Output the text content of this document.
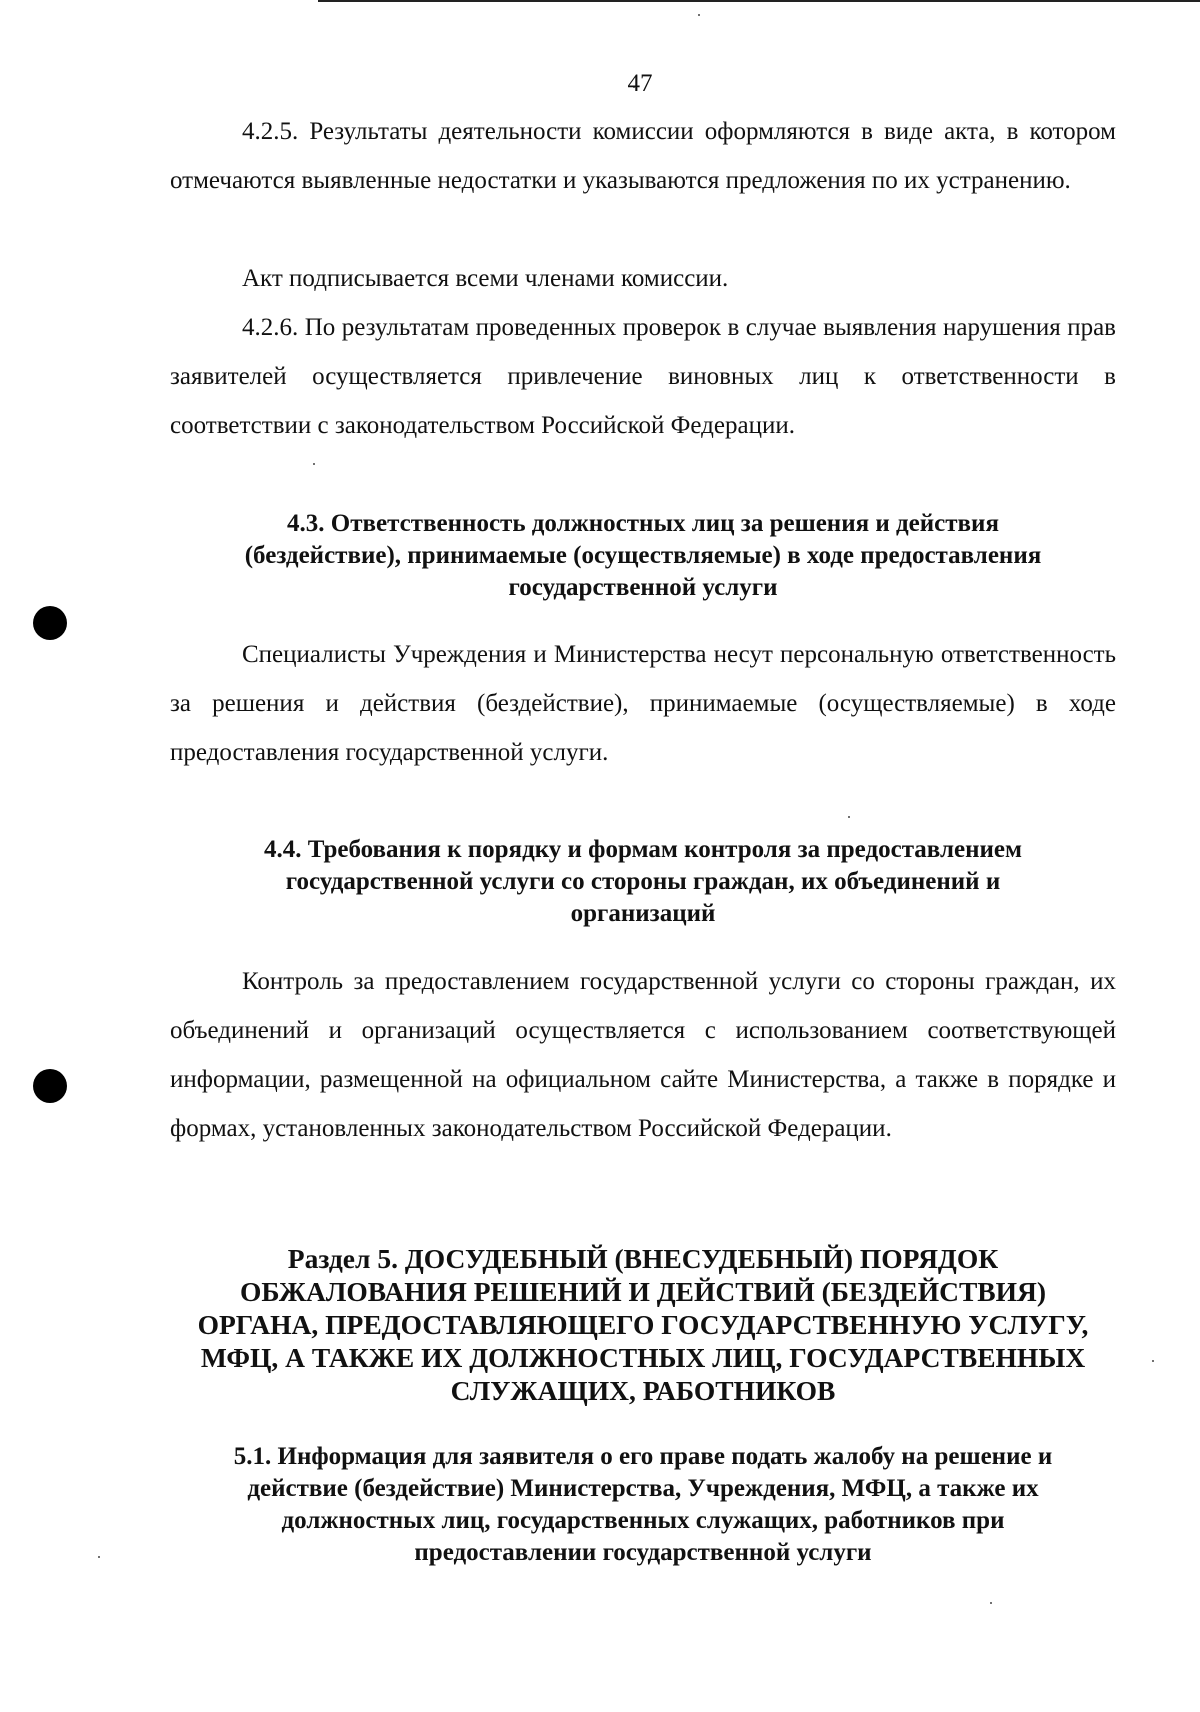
47

4.2.5. Результаты деятельности комиссии оформляются в виде акта, в котором отмечаются выявленные недостатки и указываются предложения по их устранению.

Акт подписывается всеми членами комиссии.

4.2.6. По результатам проведенных проверок в случае выявления нарушения прав заявителей осуществляется привлечение виновных лиц к ответственности в соответствии с законодательством Российской Федерации.

4.3. Ответственность должностных лиц за решения и действия
(бездействие), принимаемые (осуществляемые) в ходе предоставления
государственной услуги

Специалисты Учреждения и Министерства несут персональную ответственность за решения и действия (бездействие), принимаемые (осуществляемые) в ходе предоставления государственной услуги.

4.4. Требования к порядку и формам контроля за предоставлением
государственной услуги со стороны граждан, их объединений и
организаций

Контроль за предоставлением государственной услуги со стороны граждан, их объединений и организаций осуществляется с использованием соответствующей информации, размещенной на официальном сайте Министерства, а также в порядке и формах, установленных законодательством Российской Федерации.

Раздел 5. ДОСУДЕБНЫЙ (ВНЕСУДЕБНЫЙ) ПОРЯДОК
ОБЖАЛОВАНИЯ РЕШЕНИЙ И ДЕЙСТВИЙ (БЕЗДЕЙСТВИЯ)
ОРГАНА, ПРЕДОСТАВЛЯЮЩЕГО ГОСУДАРСТВЕННУЮ УСЛУГУ,
МФЦ, А ТАКЖЕ ИХ ДОЛЖНОСТНЫХ ЛИЦ, ГОСУДАРСТВЕННЫХ
СЛУЖАЩИХ, РАБОТНИКОВ
5.1. Информация для заявителя о его праве подать жалобу на решение и
действие (бездействие) Министерства, Учреждения, МФЦ, а также их
должностных лиц, государственных служащих, работников при
предоставлении государственной услуги
